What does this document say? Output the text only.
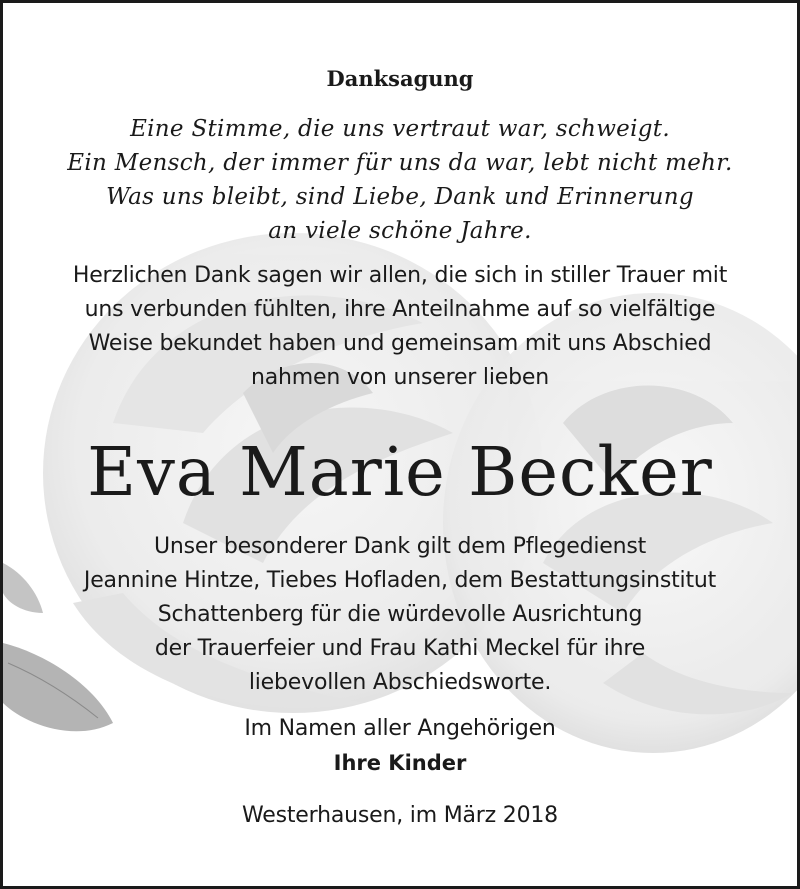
Danksagung
Eine Stimme, die uns vertraut war, schweigt.
Ein Mensch, der immer für uns da war, lebt nicht mehr.
Was uns bleibt, sind Liebe, Dank und Erinnerung
an viele schöne Jahre.
Herzlichen Dank sagen wir allen, die sich in stiller Trauer mit
uns verbunden fühlten, ihre Anteilnahme auf so vielfältige
Weise bekundet haben und gemeinsam mit uns Abschied
nahmen von unserer lieben
Eva Marie Becker
Unser besonderer Dank gilt dem Pflegedienst
Jeannine Hintze, Tiebes Hofladen, dem Bestattungsinstitut
Schattenberg für die würdevolle Ausrichtung
der Trauerfeier und Frau Kathi Meckel für ihre
liebevollen Abschiedsworte.
Im Namen aller Angehörigen
Ihre Kinder
Westerhausen, im März 2018
